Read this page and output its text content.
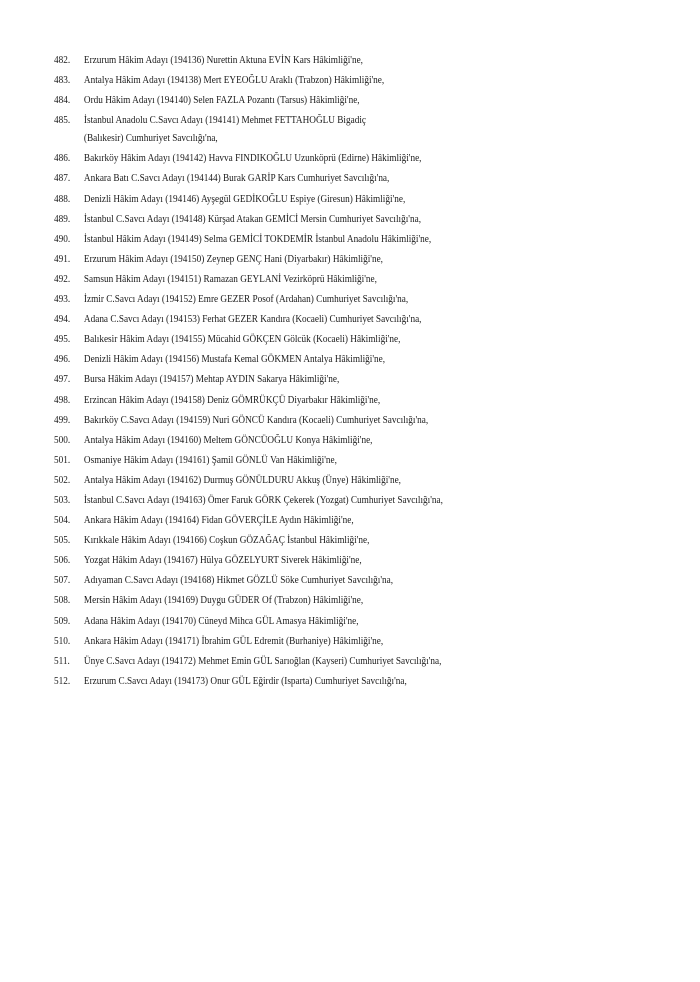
482.	Erzurum Hâkim Adayı (194136) Nurettin Aktuna EVİN Kars Hâkimliği'ne,
483.	Antalya Hâkim Adayı (194138) Mert EYEOĞLU Araklı (Trabzon) Hâkimliği'ne,
484.	Ordu Hâkim Adayı (194140) Selen FAZLA Pozantı (Tarsus) Hâkimliği'ne,
485.	İstanbul Anadolu C.Savcı Adayı (194141) Mehmet FETTAHOĞLU Bigadiç (Balıkesir) Cumhuriyet Savcılığı'na,
486.	Bakırköy Hâkim Adayı (194142) Havva FINDIKOĞLU Uzunköprü (Edirne) Hâkimliği'ne,
487.	Ankara Batı C.Savcı Adayı (194144) Burak GARİP Kars Cumhuriyet Savcılığı'na,
488.	Denizli Hâkim Adayı (194146) Ayşegül GEDİKOĞLU Espiye (Giresun) Hâkimliği'ne,
489.	İstanbul C.Savcı Adayı (194148) Kürşad Atakan GEMİCİ Mersin Cumhuriyet Savcılığı'na,
490.	İstanbul Hâkim Adayı (194149) Selma GEMİCİ TOKDEMİR İstanbul Anadolu Hâkimliği'ne,
491.	Erzurum Hâkim Adayı (194150) Zeynep GENÇ Hani (Diyarbakır) Hâkimliği'ne,
492.	Samsun Hâkim Adayı (194151) Ramazan GEYLANİ Vezirköprü Hâkimliği'ne,
493.	İzmir C.Savcı Adayı (194152) Emre GEZER Posof (Ardahan) Cumhuriyet Savcılığı'na,
494.	Adana C.Savcı Adayı (194153) Ferhat GEZER Kandıra (Kocaeli) Cumhuriyet Savcılığı'na,
495.	Balıkesir Hâkim Adayı (194155) Mücahid GÖKÇEN Gölcük (Kocaeli) Hâkimliği'ne,
496.	Denizli Hâkim Adayı (194156) Mustafa Kemal GÖKMEN Antalya Hâkimliği'ne,
497.	Bursa Hâkim Adayı (194157) Mehtap AYDIN Sakarya Hâkimliği'ne,
498.	Erzincan Hâkim Adayı (194158) Deniz GÖMRÜKÇÜ Diyarbakır Hâkimliği'ne,
499.	Bakırköy C.Savcı Adayı (194159) Nuri GÖNCÜ Kandıra (Kocaeli) Cumhuriyet Savcılığı'na,
500.	Antalya Hâkim Adayı (194160) Meltem GÖNCÜOĞLU Konya Hâkimliği'ne,
501.	Osmaniye Hâkim Adayı (194161) Şamil GÖNLÜ Van Hâkimliği'ne,
502.	Antalya Hâkim Adayı (194162) Durmuş GÖNÜLDURU Akkuş (Ünye) Hâkimliği'ne,
503.	İstanbul C.Savcı Adayı (194163) Ömer Faruk GÖRK Çekerek (Yozgat) Cumhuriyet Savcılığı'na,
504.	Ankara Hâkim Adayı (194164) Fidan GÖVERÇİLE Aydın Hâkimliği'ne,
505.	Kırıkkale Hâkim Adayı (194166) Coşkun GÖZAĞAÇ İstanbul Hâkimliği'ne,
506.	Yozgat Hâkim Adayı (194167) Hülya GÖZELYURT Siverek Hâkimliği'ne,
507.	Adıyaman C.Savcı Adayı (194168) Hikmet GÖZLÜ Söke Cumhuriyet Savcılığı'na,
508.	Mersin Hâkim Adayı (194169) Duygu GÜDER Of (Trabzon) Hâkimliği'ne,
509.	Adana Hâkim Adayı (194170) Cüneyd Mihca GÜL Amasya Hâkimliği'ne,
510.	Ankara Hâkim Adayı (194171) İbrahim GÜL Edremit (Burhaniye) Hâkimliği'ne,
511.	Ünye C.Savcı Adayı (194172) Mehmet Emin GÜL Sarıoğlan (Kayseri) Cumhuriyet Savcılığı'na,
512.	Erzurum C.Savcı Adayı (194173) Onur GÜL Eğirdir (Isparta) Cumhuriyet Savcılığı'na,
